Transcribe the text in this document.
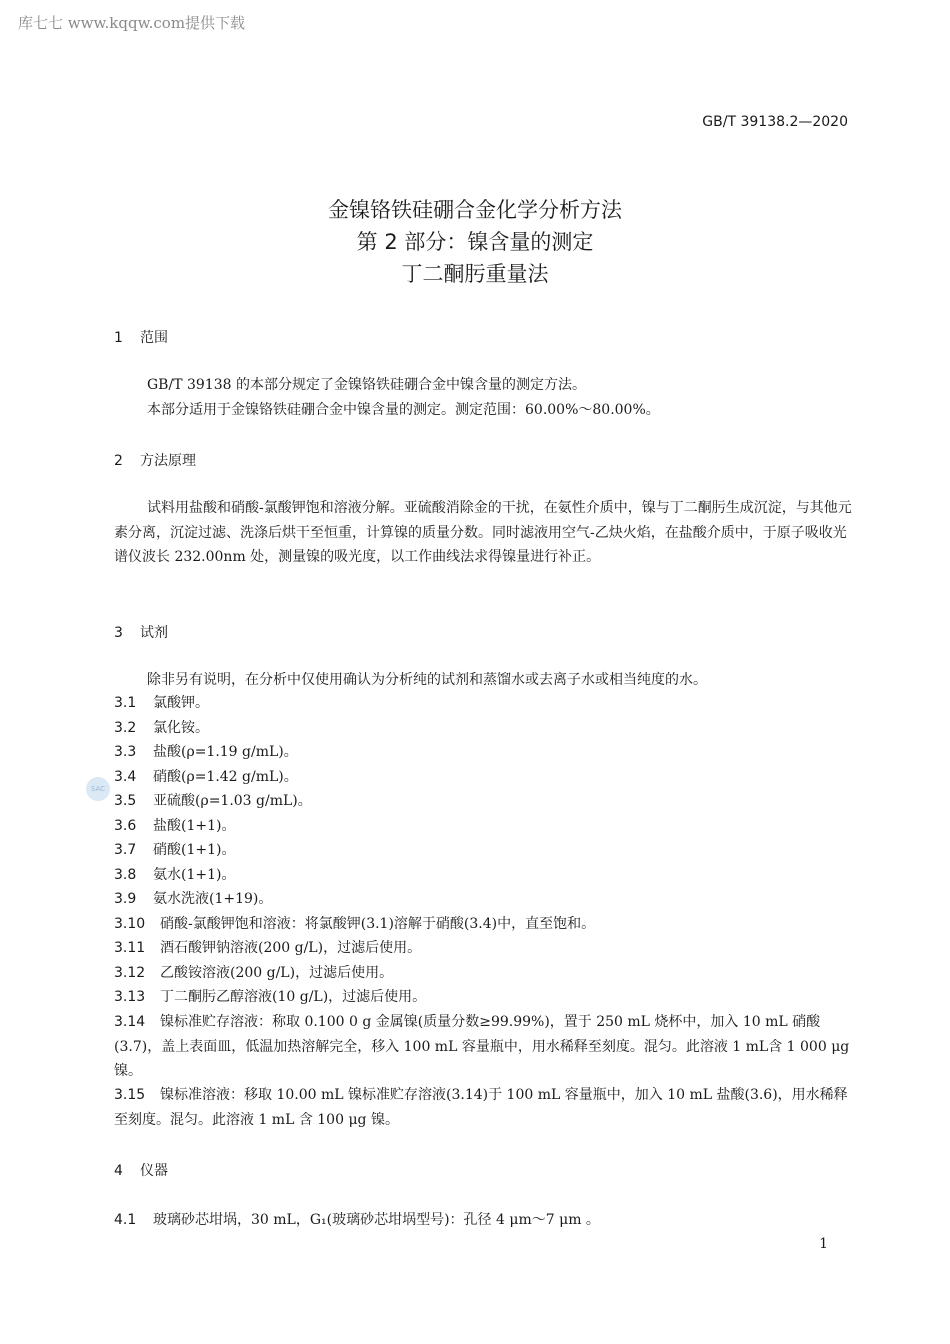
库七七 www.kqqw.com提供下载
SAC
GB/T 39138.2—2020
金镍铬铁硅硼合金化学分析方法
第 2 部分：镍含量的测定
丁二酮肟重量法
1 范围
GB/T 39138 的本部分规定了金镍铬铁硅硼合金中镍含量的测定方法。
本部分适用于金镍铬铁硅硼合金中镍含量的测定。测定范围：60.00%～80.00%。
2 方法原理
试料用盐酸和硝酸-氯酸钾饱和溶液分解。亚硫酸消除金的干扰，在氨性介质中，镍与丁二酮肟生成沉淀，与其他元素分离，沉淀过滤、洗涤后烘干至恒重，计算镍的质量分数。同时滤液用空气-乙炔火焰，在盐酸介质中，于原子吸收光谱仪波长 232.00nm 处，测量镍的吸光度，以工作曲线法求得镍量进行补正。
3 试剂
除非另有说明，在分析中仅使用确认为分析纯的试剂和蒸馏水或去离子水或相当纯度的水。
3.1 氯酸钾。
3.2 氯化铵。
3.3 盐酸(ρ=1.19 g/mL)。
3.4 硝酸(ρ=1.42 g/mL)。
3.5 亚硫酸(ρ=1.03 g/mL)。
3.6 盐酸(1+1)。
3.7 硝酸(1+1)。
3.8 氨水(1+1)。
3.9 氨水洗液(1+19)。
3.10 硝酸-氯酸钾饱和溶液：将氯酸钾(3.1)溶解于硝酸(3.4)中，直至饱和。
3.11 酒石酸钾钠溶液(200 g/L)，过滤后使用。
3.12 乙酸铵溶液(200 g/L)，过滤后使用。
3.13 丁二酮肟乙醇溶液(10 g/L)，过滤后使用。
3.14 镍标准贮存溶液：称取 0.100 0 g 金属镍(质量分数≥99.99%)，置于 250 mL 烧杯中，加入 10 mL 硝酸(3.7)，盖上表面皿，低温加热溶解完全，移入 100 mL 容量瓶中，用水稀释至刻度。混匀。此溶液 1 mL含 1 000 μg 镍。
3.15 镍标准溶液：移取 10.00 mL 镍标准贮存溶液(3.14)于 100 mL 容量瓶中，加入 10 mL 盐酸(3.6)，用水稀释至刻度。混匀。此溶液 1 mL 含 100 μg 镍。
4 仪器
4.1 玻璃砂芯坩埚，30 mL，G₁(玻璃砂芯坩埚型号)：孔径 4 μm～7 μm 。
1
